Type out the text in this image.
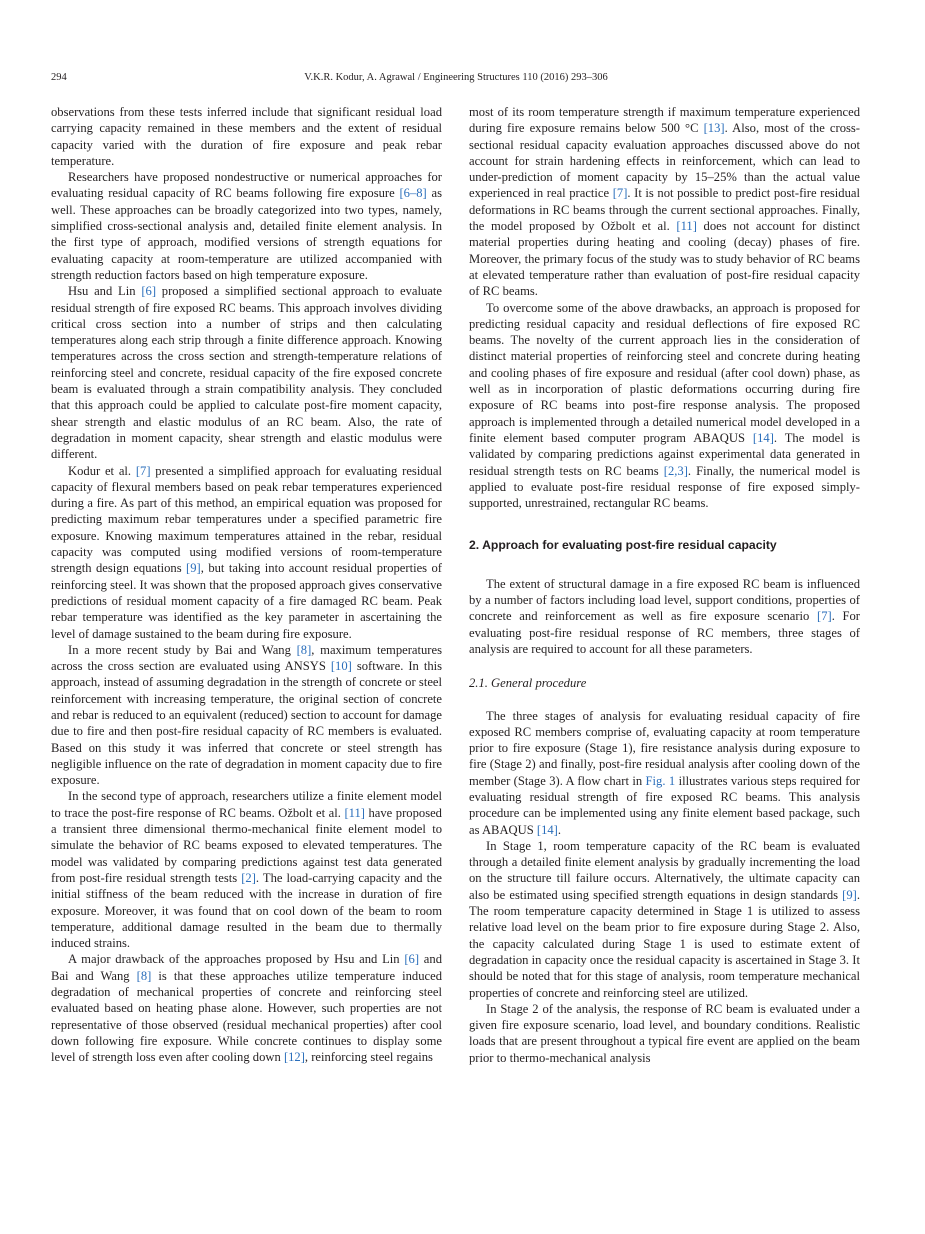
294	V.K.R. Kodur, A. Agrawal / Engineering Structures 110 (2016) 293–306

observations from these tests inferred include that significant residual load carrying capacity remained in these members and the extent of residual capacity varied with the duration of fire exposure and peak rebar temperature.

Researchers have proposed nondestructive or numerical approaches for evaluating residual capacity of RC beams following fire exposure [6–8] as well. These approaches can be broadly categorized into two types, namely, simplified cross-sectional analysis and, detailed finite element analysis. In the first type of approach, modified versions of strength equations for evaluating capacity at room-temperature are utilized accompanied with strength reduction factors based on high temperature exposure.

Hsu and Lin [6] proposed a simplified sectional approach to evaluate residual strength of fire exposed RC beams. This approach involves dividing critical cross section into a number of strips and then calculating temperatures along each strip through a finite difference approach. Knowing temperatures across the cross section and strength-temperature relations of reinforcing steel and concrete, residual capacity of the fire exposed concrete beam is evaluated through a strain compatibility analysis. They concluded that this approach could be applied to calculate post-fire moment capacity, shear strength and elastic modulus of an RC beam. Also, the rate of degradation in moment capacity, shear strength and elastic modulus were different.

Kodur et al. [7] presented a simplified approach for evaluating residual capacity of flexural members based on peak rebar temperatures experienced during a fire. As part of this method, an empirical equation was proposed for predicting maximum rebar temperatures under a specified parametric fire exposure. Knowing maximum temperatures attained in the rebar, residual capacity was computed using modified versions of room-temperature strength design equations [9], but taking into account residual properties of reinforcing steel. It was shown that the proposed approach gives conservative predictions of residual moment capacity of a fire damaged RC beam. Peak rebar temperature was identified as the key parameter in ascertaining the level of damage sustained to the beam during fire exposure.

In a more recent study by Bai and Wang [8], maximum temperatures across the cross section are evaluated using ANSYS [10] software. In this approach, instead of assuming degradation in the strength of concrete or steel reinforcement with increasing temperature, the original section of concrete and rebar is reduced to an equivalent (reduced) section to account for damage due to fire and then post-fire residual capacity of RC members is evaluated. Based on this study it was inferred that concrete or steel strength has negligible influence on the rate of degradation in moment capacity due to fire exposure.

In the second type of approach, researchers utilize a finite element model to trace the post-fire response of RC beams. Ožbolt et al. [11] have proposed a transient three dimensional thermo-mechanical finite element model to simulate the behavior of RC beams exposed to elevated temperatures. The model was validated by comparing predictions against test data generated from post-fire residual strength tests [2]. The load-carrying capacity and the initial stiffness of the beam reduced with the increase in duration of fire exposure. Moreover, it was found that on cool down of the beam to room temperature, additional damage resulted in the beam due to thermally induced strains.

A major drawback of the approaches proposed by Hsu and Lin [6] and Bai and Wang [8] is that these approaches utilize temperature induced degradation of mechanical properties of concrete and reinforcing steel evaluated based on heating phase alone. However, such properties are not representative of those observed (residual mechanical properties) after cool down following fire exposure. While concrete continues to display some level of strength loss even after cooling down [12], reinforcing steel regains

most of its room temperature strength if maximum temperature experienced during fire exposure remains below 500 °C [13]. Also, most of the cross-sectional residual capacity evaluation approaches discussed above do not account for strain hardening effects in reinforcement, which can lead to under-prediction of moment capacity by 15–25% than the actual value experienced in real practice [7]. It is not possible to predict post-fire residual deformations in RC beams through the current sectional approaches. Finally, the model proposed by Ožbolt et al. [11] does not account for distinct material properties during heating and cooling (decay) phases of fire. Moreover, the primary focus of the study was to study behavior of RC beams at elevated temperature rather than evaluation of post-fire residual capacity of RC beams.

To overcome some of the above drawbacks, an approach is proposed for predicting residual capacity and residual deflections of fire exposed RC beams. The novelty of the current approach lies in the consideration of distinct material properties of reinforcing steel and concrete during heating and cooling phases of fire exposure and residual (after cool down) phase, as well as in incorporation of plastic deformations occurring during fire exposure of RC beams into post-fire response analysis. The proposed approach is implemented through a detailed numerical model developed in a finite element based computer program ABAQUS [14]. The model is validated by comparing predictions against experimental data generated in residual strength tests on RC beams [2,3]. Finally, the numerical model is applied to evaluate post-fire residual response of fire exposed simply-supported, unrestrained, rectangular RC beams.

2. Approach for evaluating post-fire residual capacity

The extent of structural damage in a fire exposed RC beam is influenced by a number of factors including load level, support conditions, properties of concrete and reinforcement as well as fire exposure scenario [7]. For evaluating post-fire residual response of RC members, three stages of analysis are required to account for all these parameters.

2.1. General procedure

The three stages of analysis for evaluating residual capacity of fire exposed RC members comprise of, evaluating capacity at room temperature prior to fire exposure (Stage 1), fire resistance analysis during exposure to fire (Stage 2) and finally, post-fire residual analysis after cooling down of the member (Stage 3). A flow chart in Fig. 1 illustrates various steps required for evaluating residual strength of fire exposed RC beams. This analysis procedure can be implemented using any finite element based package, such as ABAQUS [14].

In Stage 1, room temperature capacity of the RC beam is evaluated through a detailed finite element analysis by gradually incrementing the load on the structure till failure occurs. Alternatively, the ultimate capacity can also be estimated using specified strength equations in design standards [9]. The room temperature capacity determined in Stage 1 is utilized to assess relative load level on the beam prior to fire exposure during Stage 2. Also, the capacity calculated during Stage 1 is used to estimate extent of degradation in capacity once the residual capacity is ascertained in Stage 3. It should be noted that for this stage of analysis, room temperature mechanical properties of concrete and reinforcing steel are utilized.

In Stage 2 of the analysis, the response of RC beam is evaluated under a given fire exposure scenario, load level, and boundary conditions. Realistic loads that are present throughout a typical fire event are applied on the beam prior to thermo-mechanical analysis
